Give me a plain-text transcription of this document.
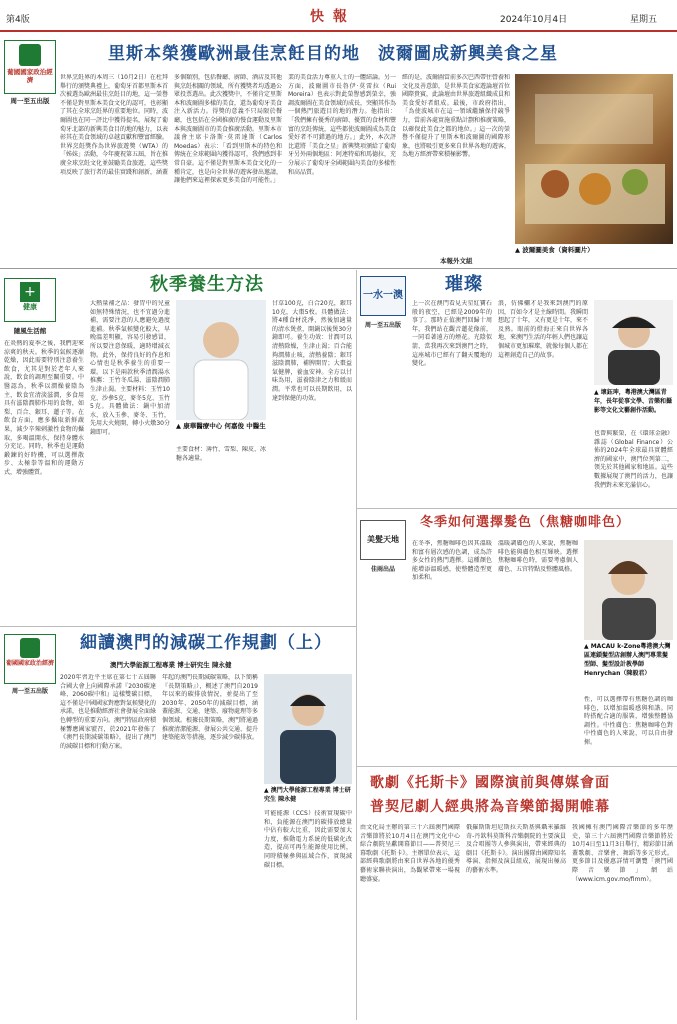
第4版	快 報	2024年10月4日	星期五
葡國國家政治經濟
周一至五出版
里斯本榮獲歐洲最佳烹飪目的地　波爾圖成新興美食之星
世界烹飪界的本周三（10月2日）在杜拜舉行的頒獎典禮上，葡萄牙首都里斯本首次被選為歐洲最佳烹飪目的地，這一榮譽不僅是對里斯本美食文化的認可，也彰顯了其在全球烹飪界的重要地位。同時，波爾圖也在同一評比中獲得提名，展現了葡萄牙北部的新興美食目的地的魅力，以表彰其在美食領域的卓越貢獻和豐富經驗。世界烹飪獎作為世界旅遊獎（WTA）的「姊妹」活動，今年慶祝第五屆，旨在推廣全球烹飪文化並鼓勵美食旅遊，這些獎項反映了旅行者的最佳實踐和創新，涵蓋
多個類別，包括餐廳、廚師、酒店及其他與烹飪相關的領域，所有獲獎者均透過公眾投票選出。此次獲獎中，不僅肯定里斯本和波爾圖多樣的美食，還為葡萄牙美食注入新活力。得獎的意義不只局限於餐廳，也包括在全國推廣的慢食運動及里斯本與波爾圖市的美食推廣活動。里斯本市議會主席卡洛斯·莫雷達斯（Carlos Moedas）表示：「看到里斯本的特色和傳統在全球範圍內獲得認可，我們感到非常自豪。這不僅是對里斯本美食文化的一種肯定，也是向全世界的遊客發出邀請，讓他們來這裡探索更多美食的可能性。」
業的美食活力尊重人士的一體結論。另一方面，波爾圖市長魯伊·莫雷拉（Rui Moreira）也表示對此榮譽感到榮幸，強調波爾圖在美食領域的成長，突顯其作為一個熱門旅遊目的地的潛力。他指出：「我們擁有優秀的廚師、優質的食材和豐富的烹飪傳統，這些都使波爾圖成為美食愛好者不可錯過的地方。」此外，本次評比還將「美食之星」新興獎項頒給了葡萄牙另外兩個地區：阿連特茹和馬德拉，充分展示了葡萄牙全國範圍內美食的多樣性和高品質。
經的是，波爾圖當前多次巴西帶往營養和文化及善意節，是世界美食家遊論壇首位國際貴賓，此論壇由世界旅遊組織成員和美食愛好者組成。最後，市政府指出，「為使波城市在這一領域繼續保持競爭力，當前各處實施重點計劃和推廣策略，以確保此美食之都的地位。」這一次的榮譽不僅提升了里斯本和波爾圖的國際形象，也將吸引更多來自世界各地的遊客，為地方經濟帶來積極影響。
本報外文組
▲ 波爾圖美食（資料圖片）
+
健康
隨風生活館
秋季養生方法
在炎熱的夏季之後，我們迎來涼爽的秋天。秋季的氣候逐漸乾燥，因此需要特別注意養生飲食，尤其是對於老年人來說，飲食的調理至關重要。中醫認為，秋季以潤燥養陰為主，飲食宜清淡滋潤，多食用具有滋陰潤肺作用的食物，如梨、百合、銀耳、蓮子等。在飲食方面，應多攝取新鮮蔬果，減少辛辣刺激性食物的攝取，多喝溫開水，保持身體水分充足。同時，秋季也是運動鍛鍊的好時機，可以選擇散步、太極拳等溫和的運動方式，增強體質。
大熱量補之品：發胃中的兒童如無特殊情況，也不宜過分進補，需要注意的人應避免過度進補。秋季氣候變化較大，早晚溫差明顯，容易引發感冒，所以要注意保暖，適時增減衣物。此外，保持良好的作息和心情也是秋季養生的重要一環。以下是兩款秋季清潤湯水推薦：王竹冬瓜湯、滋陰潤肺生津止渴。主要材料：玉竹10克、沙參5克、麥冬5克、玉竹5克。具體做法：鍋中加清水，放入玉參、麥冬、玉竹，先用大火燒開，轉小火燉30分鐘即可。
▲ 康華醫療中心 何嘉俊 中醫生
主要食材：薄竹、雪梨、陳皮、冰糖各適量。
甘草100克，白合20克，銀耳10克，大棗5枚。具體做法：將4種食材洗淨，然後加適量的清水煲煮，開鍋以後煲30分鐘即可。養生功效：甘潤可以清熱除燥，生津止渴；百合能夠潤肺止咳，清熱養陰；銀耳滋陰潤肺，補脾開胃；大棗益氣健脾，養血安神。全方以甘味為用，滋養陰津之力和緩而潤。平常也可以長期飲用，以達到保健的功效。
一水一澳
周一至五出版
璀璨
上一次在澳門看見天星紅寶石般的夜空，已經是2009年的事了。那時正值澳門回歸十周年，我們站在觀音蓮花像前，一同看著遠方的煙花。光陰似箭，當我再次來到澳門之時，這座城市已經有了翻天覆地的變化。
浪，仿佛欄才是我來到澳門的原因，百如今才是主線時間。我瞬間想起了十年，又有更是十年，來不及熟。眼前的燈海正來自世界各地，來澳門生活的年輕人們也讓這個城市更加璀璨，就像每個人都在這裡創造自己的故事。
▲ 壞鈺珅，粵港澳大灣區青年，長年從事文學、音樂和攝影等文化文藝創作活動。
也曾與繁榮，在《環球金融》雜誌（Global Finance）公佈的2024年全球最具實體經濟的國家中，澳門位列第二，領先於其他國家和地區。這些數據展現了澳門的活力，也讓我們對未來充滿信心。
美髮天地
佳雨出品
冬季如何選擇髮色（焦糖咖啡色）
在冬季，焦糖咖啡色因其溫暖和富有層次感的色調，成為許多女性的熱門選擇。這種顏色能增添溫暖感，使整體造型更加柔和。
溫暖調膚色的人來說，焦糖咖啡色能與膚色相互輝映。選擇焦糖咖啡色時，需要考慮個人膚色、五官特點及整體風格。
▲ MACAU k-Zone粵港澳大灣區連鎖髮型店創辦人澳門專業髮型師、髮型設計教學師Henrychan（陳毅君）
性，可以選擇帶有焦糖色調的咖啡色，以增加溫暖感與和諧。同時搭配合適的服裝，增強整體協調性。中性膚色：焦糖咖啡色對中性膚色的人來說，可以自由發揮。
葡國國家政治經濟
周一至五出版
細讀澳門的減碳工作規劃（上）
澳門大學能源工程專業 博士研究生 陳永健
2020年習近平主席在第七十五屆聯合國大會上向國際承諾『2030碳達峰、2060碳中和』這樣雙碳目標，這不僅是中國國家對應對氣候變化的承諾，也是推動經濟社會發展全面綠色轉型的重要方向。澳門特區政府積極響應國家號召，於2021年發佈了《澳門長期減碳策略》，提出了澳門的減碳目標和行動方案。
年起的澳門長期減碳策略，以下簡稱『長期策略』），概述了澳門自2019年以來的碳排放情況，並提出了至2030年、2050年的減碳目標，涵蓋能源、交通、建築、廢物處理等多個領域。根據長期策略，澳門將通過推廣清潔能源、發展公共交通、提升建築能效等措施，逐步減少碳排放。
▲ 澳門大學能源工程專業 博士研究生 陳永健
可能能源（CCS）技術實現碳中和，負能源在澳門的碳排放總量中佔有較大比重，因此需要加大力度，推動電力系統的低碳化改造，提高可再生能源使用比例，同時積極參與區域合作，實現減碳目標。
歌劇《托斯卡》國際演前與傳媒會面
普契尼劇人經典將為音樂節揭開帷幕
由文化局主辦的第三十六屆澳門國際音樂節將於10月4日在澳門文化中心綜合劇院呈獻開幕節目——普契尼三幕歌劇《托斯卡》。主辦單位表示，這部經典歌劇將由來自世界各地的優秀藝術家聯袂演出，為觀眾帶來一場視聽盛宴。
俄羅斯斯坦尼斯拉夫斯基與聶米羅維奇-丹欽科莫斯科音樂劇院的主要演員及合唱團等人參與演出，帶來經典的劇目《托斯卡》。演出團隊由國際知名導演、指揮及演員組成，展現出極高的藝術水準。
我國擁有澳門國際音樂節的多年歷史，第三十六屆澳門國際音樂節將於10月4日至11月3日舉行，精彩節目涵蓋歌劇、音樂會、舞蹈等多元形式。更多節目及優惠詳情可瀏覽「澳門國際音樂節」網站（www.icm.gov.mo/fimm）。
